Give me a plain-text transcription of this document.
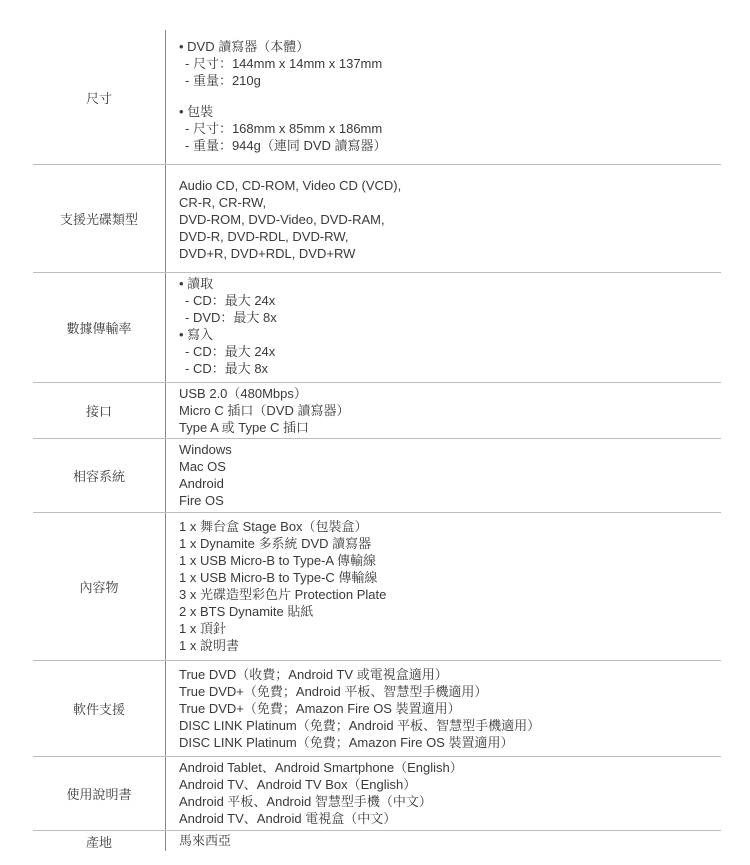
尺寸
• DVD 讀寫器（本體）
- 尺寸：144mm x 14mm x 137mm
- 重量：210g
• 包裝
- 尺寸：168mm x 85mm x 186mm
- 重量：944g（連同 DVD 讀寫器）
支援光碟類型
Audio CD, CD-ROM, Video CD (VCD),
CR-R, CR-RW,
DVD-ROM, DVD-Video, DVD-RAM,
DVD-R, DVD-RDL, DVD-RW,
DVD+R, DVD+RDL, DVD+RW
數據傳輸率
• 讀取
- CD：最大 24x
- DVD：最大 8x
• 寫入
- CD：最大 24x
- CD：最大 8x
接口
USB 2.0（480Mbps）
Micro C 插口（DVD 讀寫器）
Type A 或 Type C 插口
相容系統
Windows
Mac OS
Android
Fire OS
內容物
1 x 舞台盒 Stage Box（包裝盒）
1 x Dynamite 多系統 DVD 讀寫器
1 x USB Micro-B to Type-A 傳輸線
1 x USB Micro-B to Type-C 傳輸線
3 x 光碟造型彩色片 Protection Plate
2 x BTS Dynamite 貼紙
1 x 頂針
1 x 說明書
軟件支援
True DVD（收費；Android TV 或電視盒適用）
True DVD+（免費；Android 平板、智慧型手機適用）
True DVD+（免費；Amazon Fire OS 裝置適用）
DISC LINK Platinum（免費；Android 平板、智慧型手機適用）
DISC LINK Platinum（免費；Amazon Fire OS 裝置適用）
使用說明書
Android Tablet、Android Smartphone（English）
Android TV、Android TV Box（English）
Android 平板、Android 智慧型手機（中文）
Android TV、Android 電視盒（中文）
產地	馬來西亞
